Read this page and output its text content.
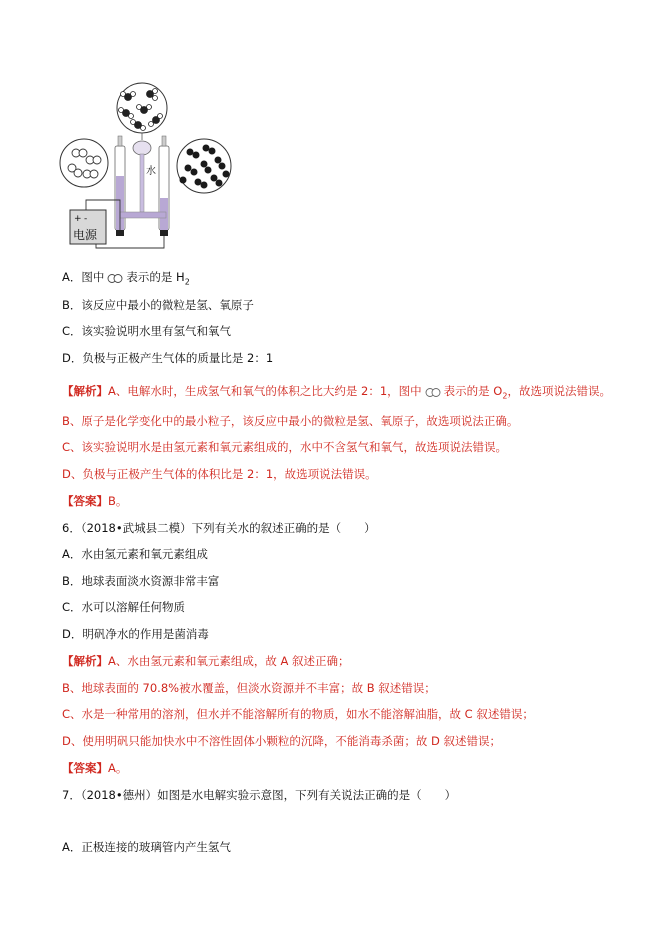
水
+ -
电源
A．图中 表示的是 $H_2$
B．该反应中最小的微粒是氢、氧原子
C．该实验说明水里有氢气和氧气
D．负极与正极产生气体的质量比是 2：1
【解析】A、电解水时，生成氢气和氧气的体积之比大约是 2：1，图中 表示的是 $O_2$，故选项说法错误。
B、原子是化学变化中的最小粒子，该反应中最小的微粒是氢、氧原子，故选项说法正确。
C、该实验说明水是由氢元素和氧元素组成的，水中不含氢气和氧气，故选项说法错误。
D、负极与正极产生气体的体积比是 2：1，故选项说法错误。
【答案】B。
6．（2018•武城县二模）下列有关水的叙述正确的是（　　）
A．水由氢元素和氧元素组成
B．地球表面淡水资源非常丰富
C．水可以溶解任何物质
D．明矾净水的作用是菌消毒
【解析】A、水由氢元素和氧元素组成，故 A 叙述正确；
B、地球表面的 70.8%被水覆盖，但淡水资源并不丰富；故 B 叙述错误；
C、水是一种常用的溶剂，但水并不能溶解所有的物质，如水不能溶解油脂，故 C 叙述错误；
D、使用明矾只能加快水中不溶性固体小颗粒的沉降，不能消毒杀菌；故 D 叙述错误；
【答案】A。
7．（2018•德州）如图是水电解实验示意图，下列有关说法正确的是（　　）
A．正极连接的玻璃管内产生氢气
